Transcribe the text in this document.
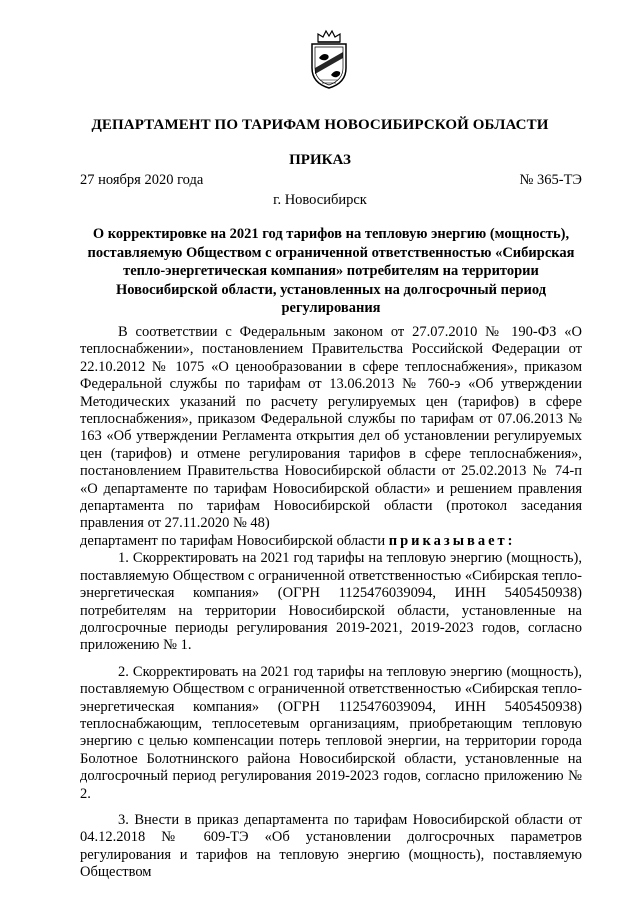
ДЕПАРТАМЕНТ ПО ТАРИФАМ НОВОСИБИРСКОЙ ОБЛАСТИ
ПРИКАЗ
27 ноября 2020 года	№ 365-ТЭ
г. Новосибирск
О корректировке на 2021 год тарифов на тепловую энергию (мощность), поставляемую Обществом с ограниченной ответственностью «Сибирская тепло-энергетическая компания» потребителям на территории Новосибирской области, установленных на долгосрочный период регулирования

В соответствии с Федеральным законом от 27.07.2010 № 190-ФЗ «О теплоснабжении», постановлением Правительства Российской Федерации от 22.10.2012 № 1075 «О ценообразовании в сфере теплоснабжения», приказом Федеральной службы по тарифам от 13.06.2013 № 760-э «Об утверждении Методических указаний по расчету регулируемых цен (тарифов) в сфере теплоснабжения», приказом Федеральной службы по тарифам от 07.06.2013 № 163 «Об утверждении Регламента открытия дел об установлении регулируемых цен (тарифов) и отмене регулирования тарифов в сфере теплоснабжения», постановлением Правительства Новосибирской области от 25.02.2013 № 74-п «О департаменте по тарифам Новосибирской области» и решением правления департамента по тарифам Новосибирской области (протокол заседания правления от 27.11.2020 № 48)

департамент по тарифам Новосибирской области приказывает:

1. Скорректировать на 2021 год тарифы на тепловую энергию (мощность), поставляемую Обществом с ограниченной ответственностью «Сибирская тепло-энергетическая компания» (ОГРН 1125476039094, ИНН 5405450938) потребителям на территории Новосибирской области, установленные на долгосрочные периоды регулирования 2019-2021, 2019-2023 годов, согласно приложению № 1.

2. Скорректировать на 2021 год тарифы на тепловую энергию (мощность), поставляемую Обществом с ограниченной ответственностью «Сибирская тепло-энергетическая компания» (ОГРН 1125476039094, ИНН 5405450938) теплоснабжающим, теплосетевым организациям, приобретающим тепловую энергию с целью компенсации потерь тепловой энергии, на территории города Болотное Болотнинского района Новосибирской области, установленные на долгосрочный период регулирования 2019-2023 годов, согласно приложению № 2.

3. Внести в приказ департамента по тарифам Новосибирской области от 04.12.2018 № 609-ТЭ «Об установлении долгосрочных параметров регулирования и тарифов на тепловую энергию (мощность), поставляемую Обществом
